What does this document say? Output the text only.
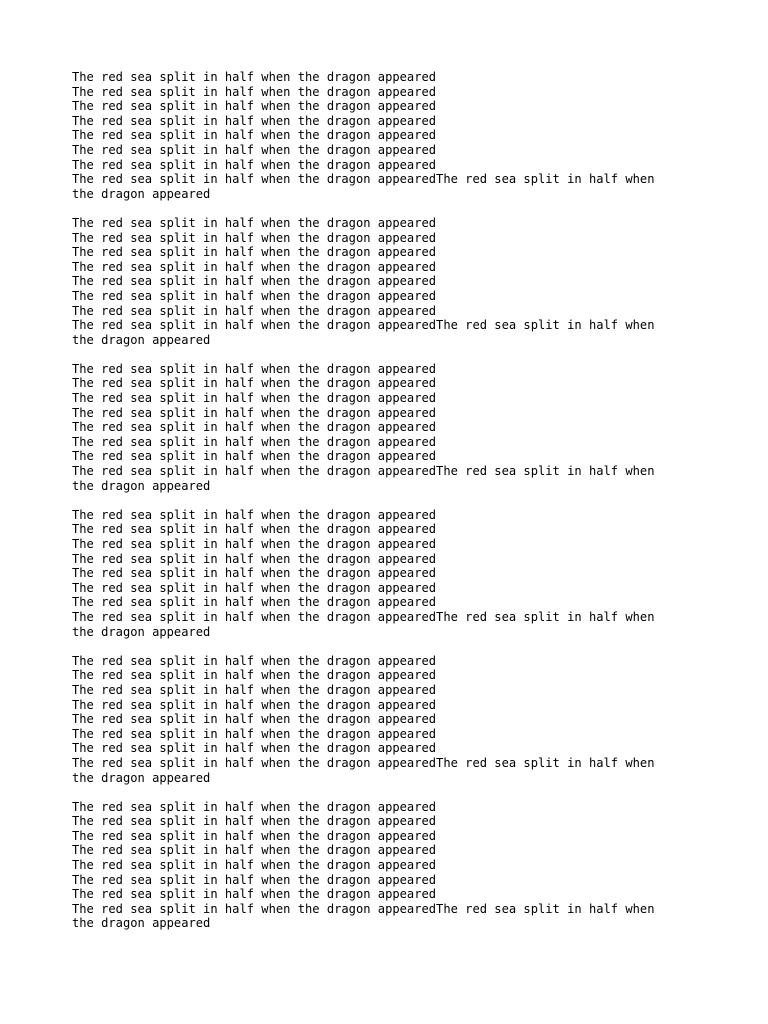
The red sea split in half when the dragon appeared
The red sea split in half when the dragon appeared
The red sea split in half when the dragon appeared
The red sea split in half when the dragon appeared
The red sea split in half when the dragon appeared
The red sea split in half when the dragon appeared
The red sea split in half when the dragon appeared
The red sea split in half when the dragon appearedThe red sea split in half when
the dragon appeared
The red sea split in half when the dragon appeared
The red sea split in half when the dragon appeared
The red sea split in half when the dragon appeared
The red sea split in half when the dragon appeared
The red sea split in half when the dragon appeared
The red sea split in half when the dragon appeared
The red sea split in half when the dragon appeared
The red sea split in half when the dragon appearedThe red sea split in half when
the dragon appeared
The red sea split in half when the dragon appeared
The red sea split in half when the dragon appeared
The red sea split in half when the dragon appeared
The red sea split in half when the dragon appeared
The red sea split in half when the dragon appeared
The red sea split in half when the dragon appeared
The red sea split in half when the dragon appeared
The red sea split in half when the dragon appearedThe red sea split in half when
the dragon appeared
The red sea split in half when the dragon appeared
The red sea split in half when the dragon appeared
The red sea split in half when the dragon appeared
The red sea split in half when the dragon appeared
The red sea split in half when the dragon appeared
The red sea split in half when the dragon appeared
The red sea split in half when the dragon appeared
The red sea split in half when the dragon appearedThe red sea split in half when
the dragon appeared
The red sea split in half when the dragon appeared
The red sea split in half when the dragon appeared
The red sea split in half when the dragon appeared
The red sea split in half when the dragon appeared
The red sea split in half when the dragon appeared
The red sea split in half when the dragon appeared
The red sea split in half when the dragon appeared
The red sea split in half when the dragon appearedThe red sea split in half when
the dragon appeared
The red sea split in half when the dragon appeared
The red sea split in half when the dragon appeared
The red sea split in half when the dragon appeared
The red sea split in half when the dragon appeared
The red sea split in half when the dragon appeared
The red sea split in half when the dragon appeared
The red sea split in half when the dragon appeared
The red sea split in half when the dragon appearedThe red sea split in half when
the dragon appeared
